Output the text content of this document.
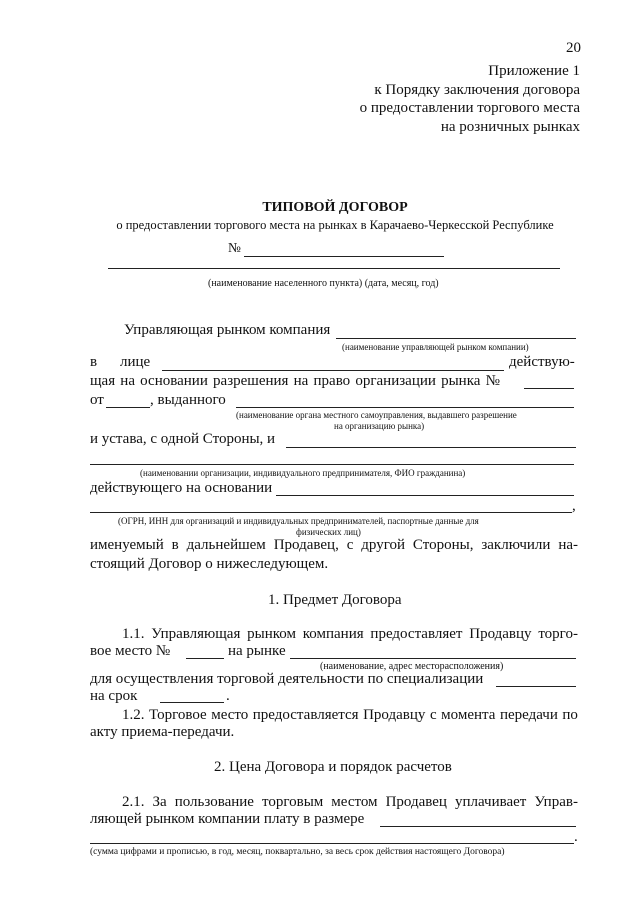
20
Приложение 1
к Порядку заключения договора
о предоставлении торгового места
на розничных рынках
ТИПОВОЙ ДОГОВОР
о предоставлении торгового места на рынках в Карачаево-Черкесской Республике
№
(наименование населенного пункта) (дата, месяц, год)
Управляющая рынком компания
(наименование управляющей рынком компании)
в лице	действую-
щая на основании разрешения на право организации рынка №
от	, выданного
(наименование органа местного самоуправления, выдавшего разрешение
на организацию рынка)
и устава, с одной Стороны, и
(наименовании организации, индивидуального предпринимателя, ФИО гражданина)
действующего на основании
,
(ОГРН, ИНН для организаций и индивидуальных предпринимателей, паспортные данные для
физических лиц)
именуемый в дальнейшем Продавец, с другой Стороны, заключили на-
стоящий Договор о нижеследующем.
1. Предмет Договора
1.1. Управляющая рынком компания предоставляет Продавцу торго-
вое место №	на рынке
(наименование, адрес месторасположения)
для осуществления торговой деятельности по специализации
на срок	.
1.2. Торговое место предоставляется Продавцу с момента передачи по
акту приема-передачи.
2. Цена Договора и порядок расчетов
2.1. За пользование торговым местом Продавец уплачивает Управ-
ляющей рынком компании плату в размере
.
(сумма цифрами и прописью, в год, месяц, поквартально, за весь срок действия настоящего Договора)
